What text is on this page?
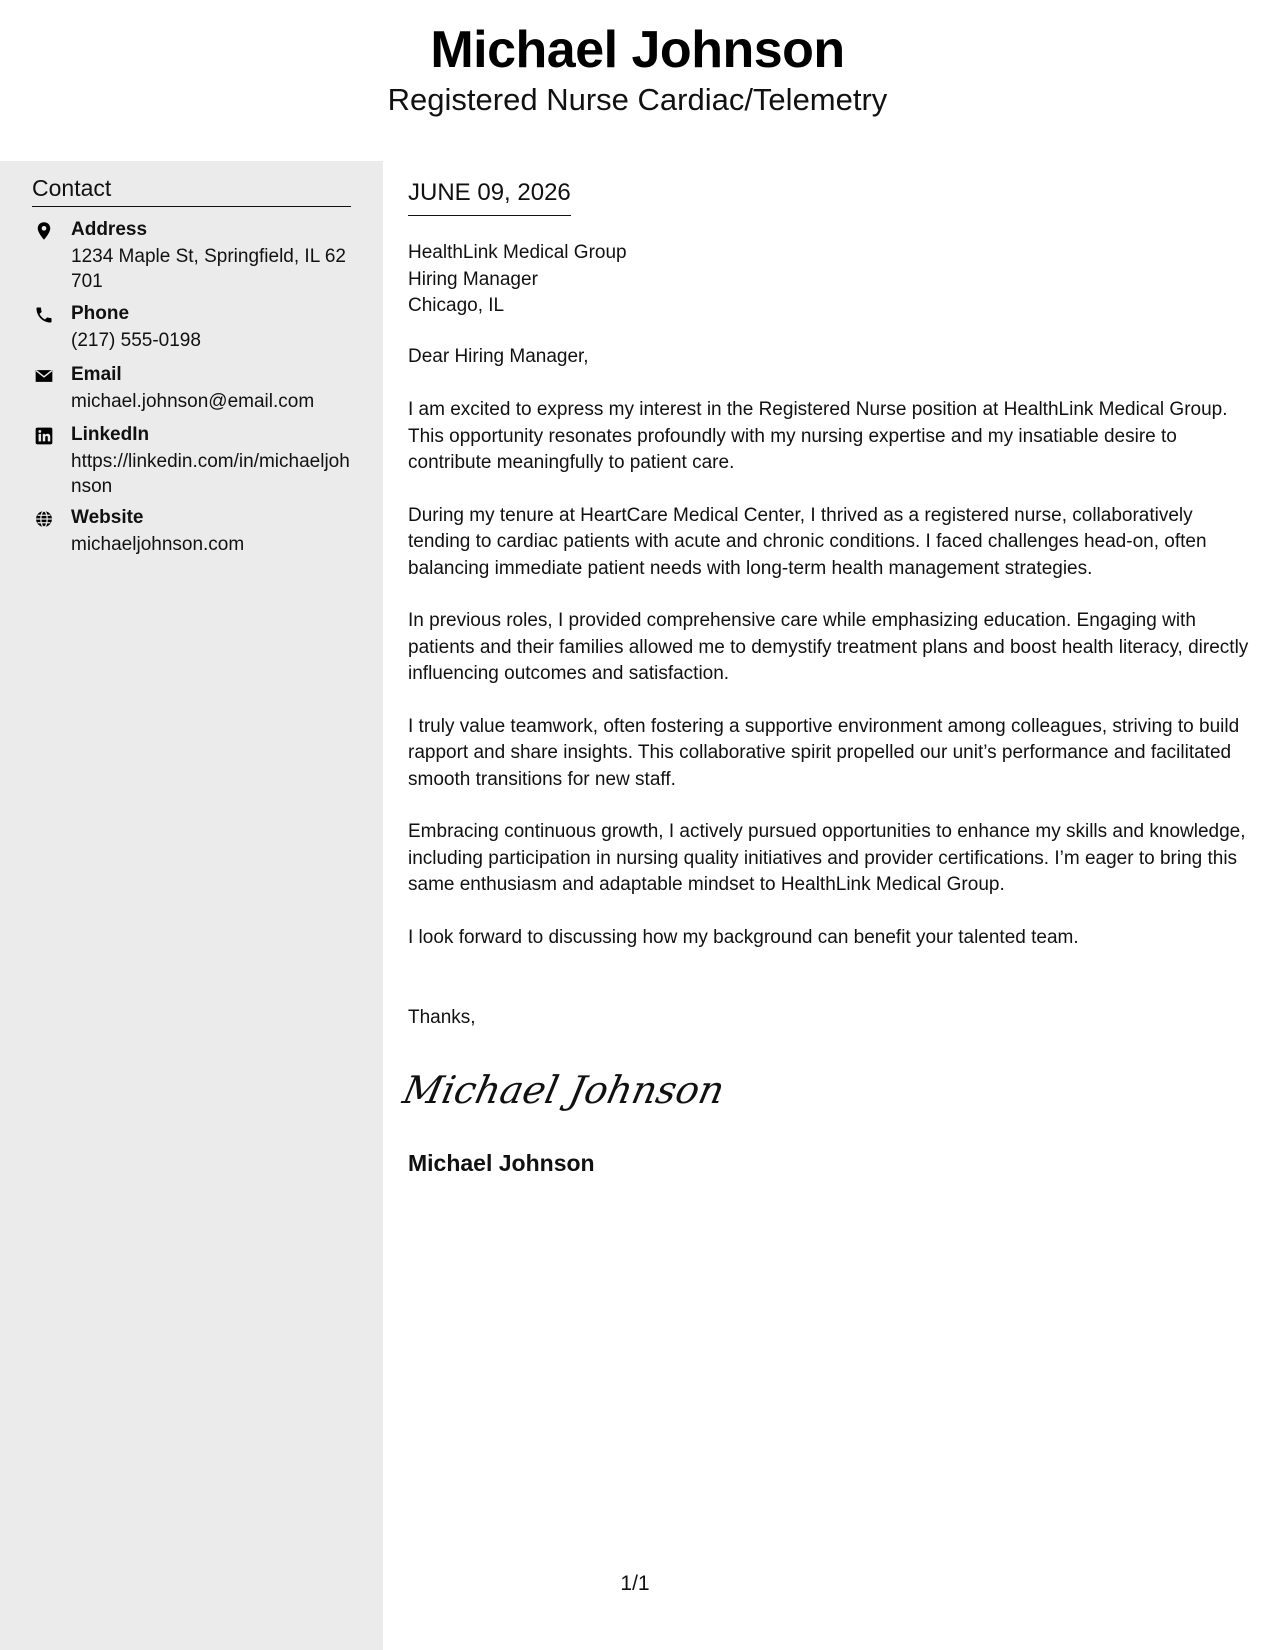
Michael Johnson
Registered Nurse Cardiac/Telemetry
Contact
Address
1234 Maple St, Springfield, IL 62701
Phone
(217) 555-0198
Email
michael.johnson@email.com
LinkedIn
https://linkedin.com/in/michaeljohnson
Website
michaeljohnson.com
JUNE 09, 2026
HealthLink Medical Group
Hiring Manager
Chicago, IL
Dear Hiring Manager,

I am excited to express my interest in the Registered Nurse position at HealthLink Medical Group. This opportunity resonates profoundly with my nursing expertise and my insatiable desire to contribute meaningfully to patient care.

During my tenure at HeartCare Medical Center, I thrived as a registered nurse, collaboratively tending to cardiac patients with acute and chronic conditions. I faced challenges head-on, often balancing immediate patient needs with long-term health management strategies.

In previous roles, I provided comprehensive care while emphasizing education. Engaging with patients and their families allowed me to demystify treatment plans and boost health literacy, directly influencing outcomes and satisfaction.

I truly value teamwork, often fostering a supportive environment among colleagues, striving to build rapport and share insights. This collaborative spirit propelled our unit’s performance and facilitated smooth transitions for new staff.

Embracing continuous growth, I actively pursued opportunities to enhance my skills and knowledge, including participation in nursing quality initiatives and provider certifications. I’m eager to bring this same enthusiasm and adaptable mindset to HealthLink Medical Group.

I look forward to discussing how my background can benefit your talented team.

Thanks,
Michael Johnson
Michael Johnson
1/1
